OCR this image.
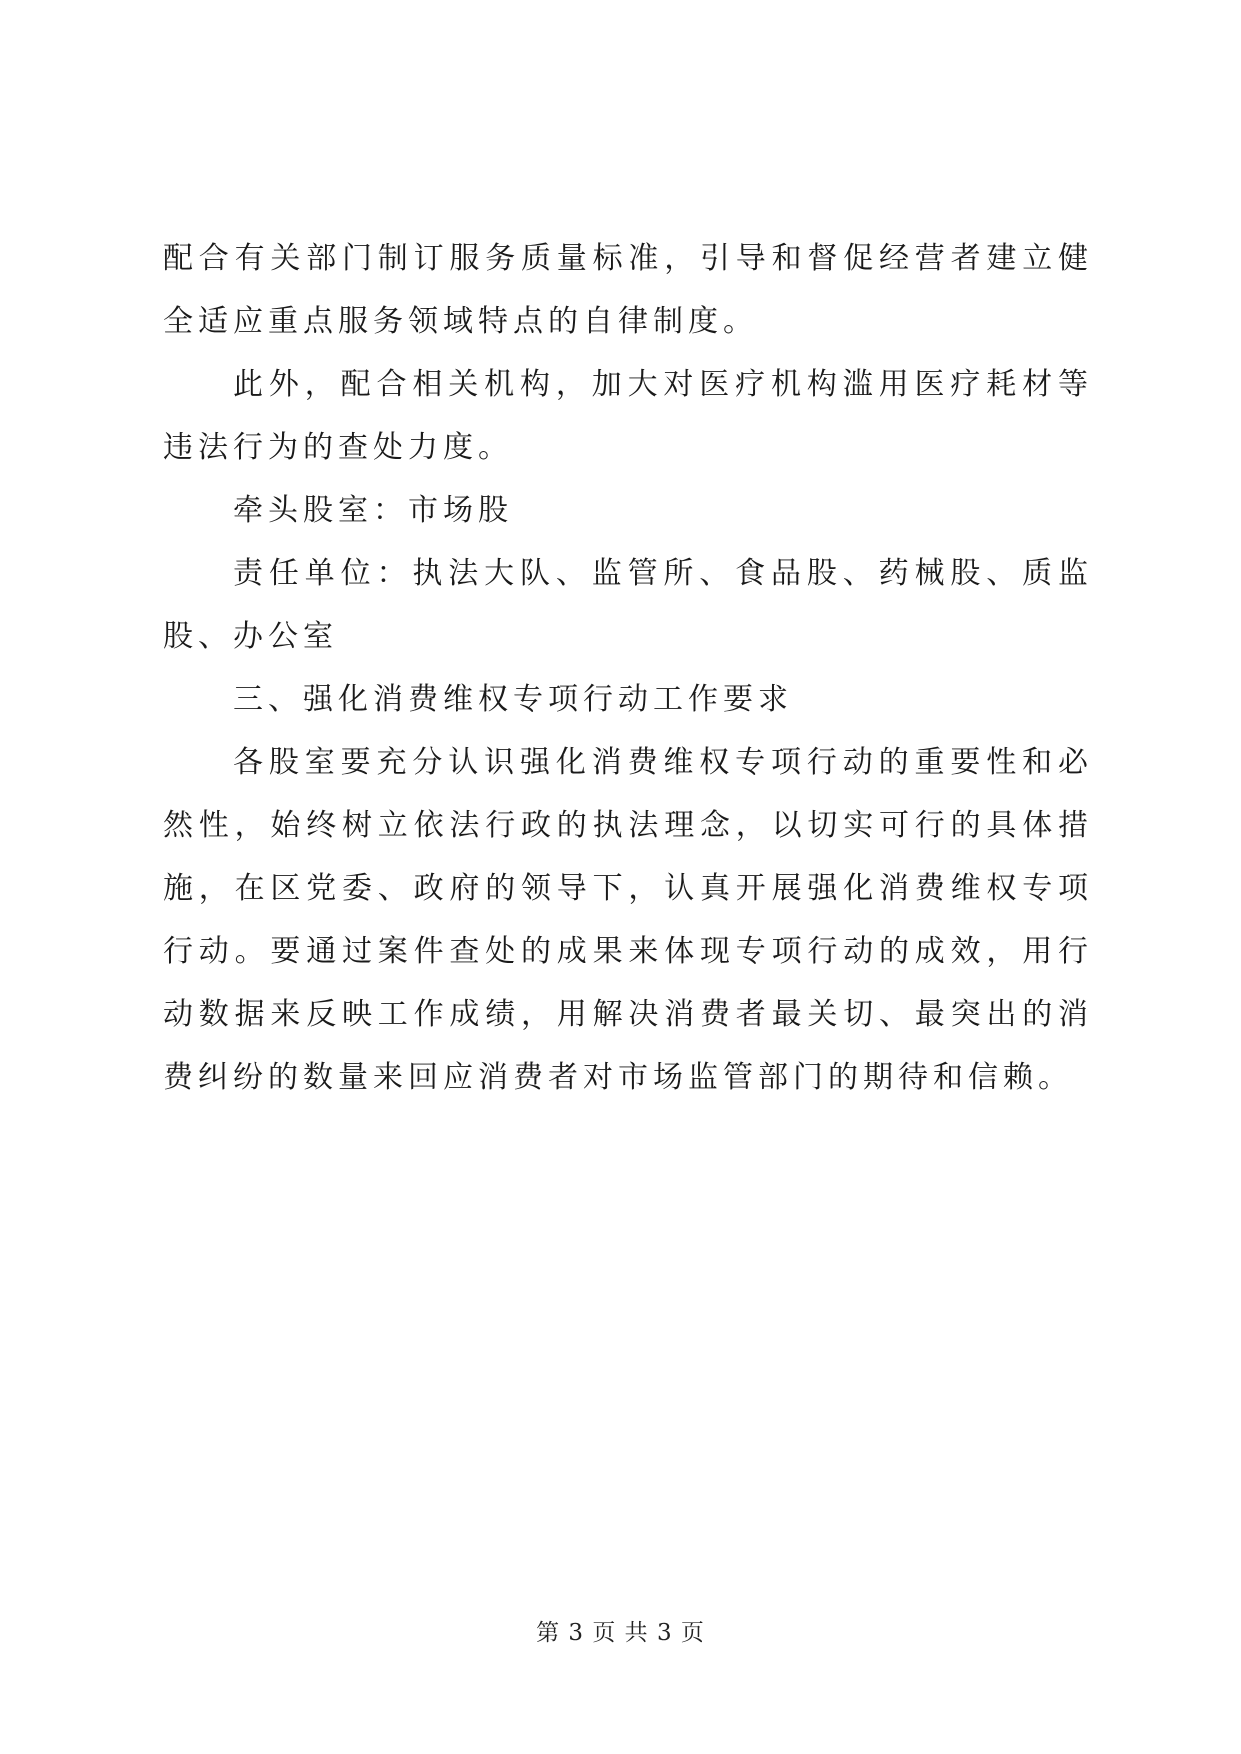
配合有关部门制订服务质量标准，引导和督促经营者建立健全适应重点服务领域特点的自律制度。

此外，配合相关机构，加大对医疗机构滥用医疗耗材等违法行为的查处力度。

牵头股室：市场股

责任单位：执法大队、监管所、食品股、药械股、质监股、办公室

三、强化消费维权专项行动工作要求

各股室要充分认识强化消费维权专项行动的重要性和必然性，始终树立依法行政的执法理念，以切实可行的具体措施，在区党委、政府的领导下，认真开展强化消费维权专项行动。要通过案件查处的成果来体现专项行动的成效，用行动数据来反映工作成绩，用解决消费者最关切、最突出的消费纠纷的数量来回应消费者对市场监管部门的期待和信赖。

第 3 页 共 3 页
